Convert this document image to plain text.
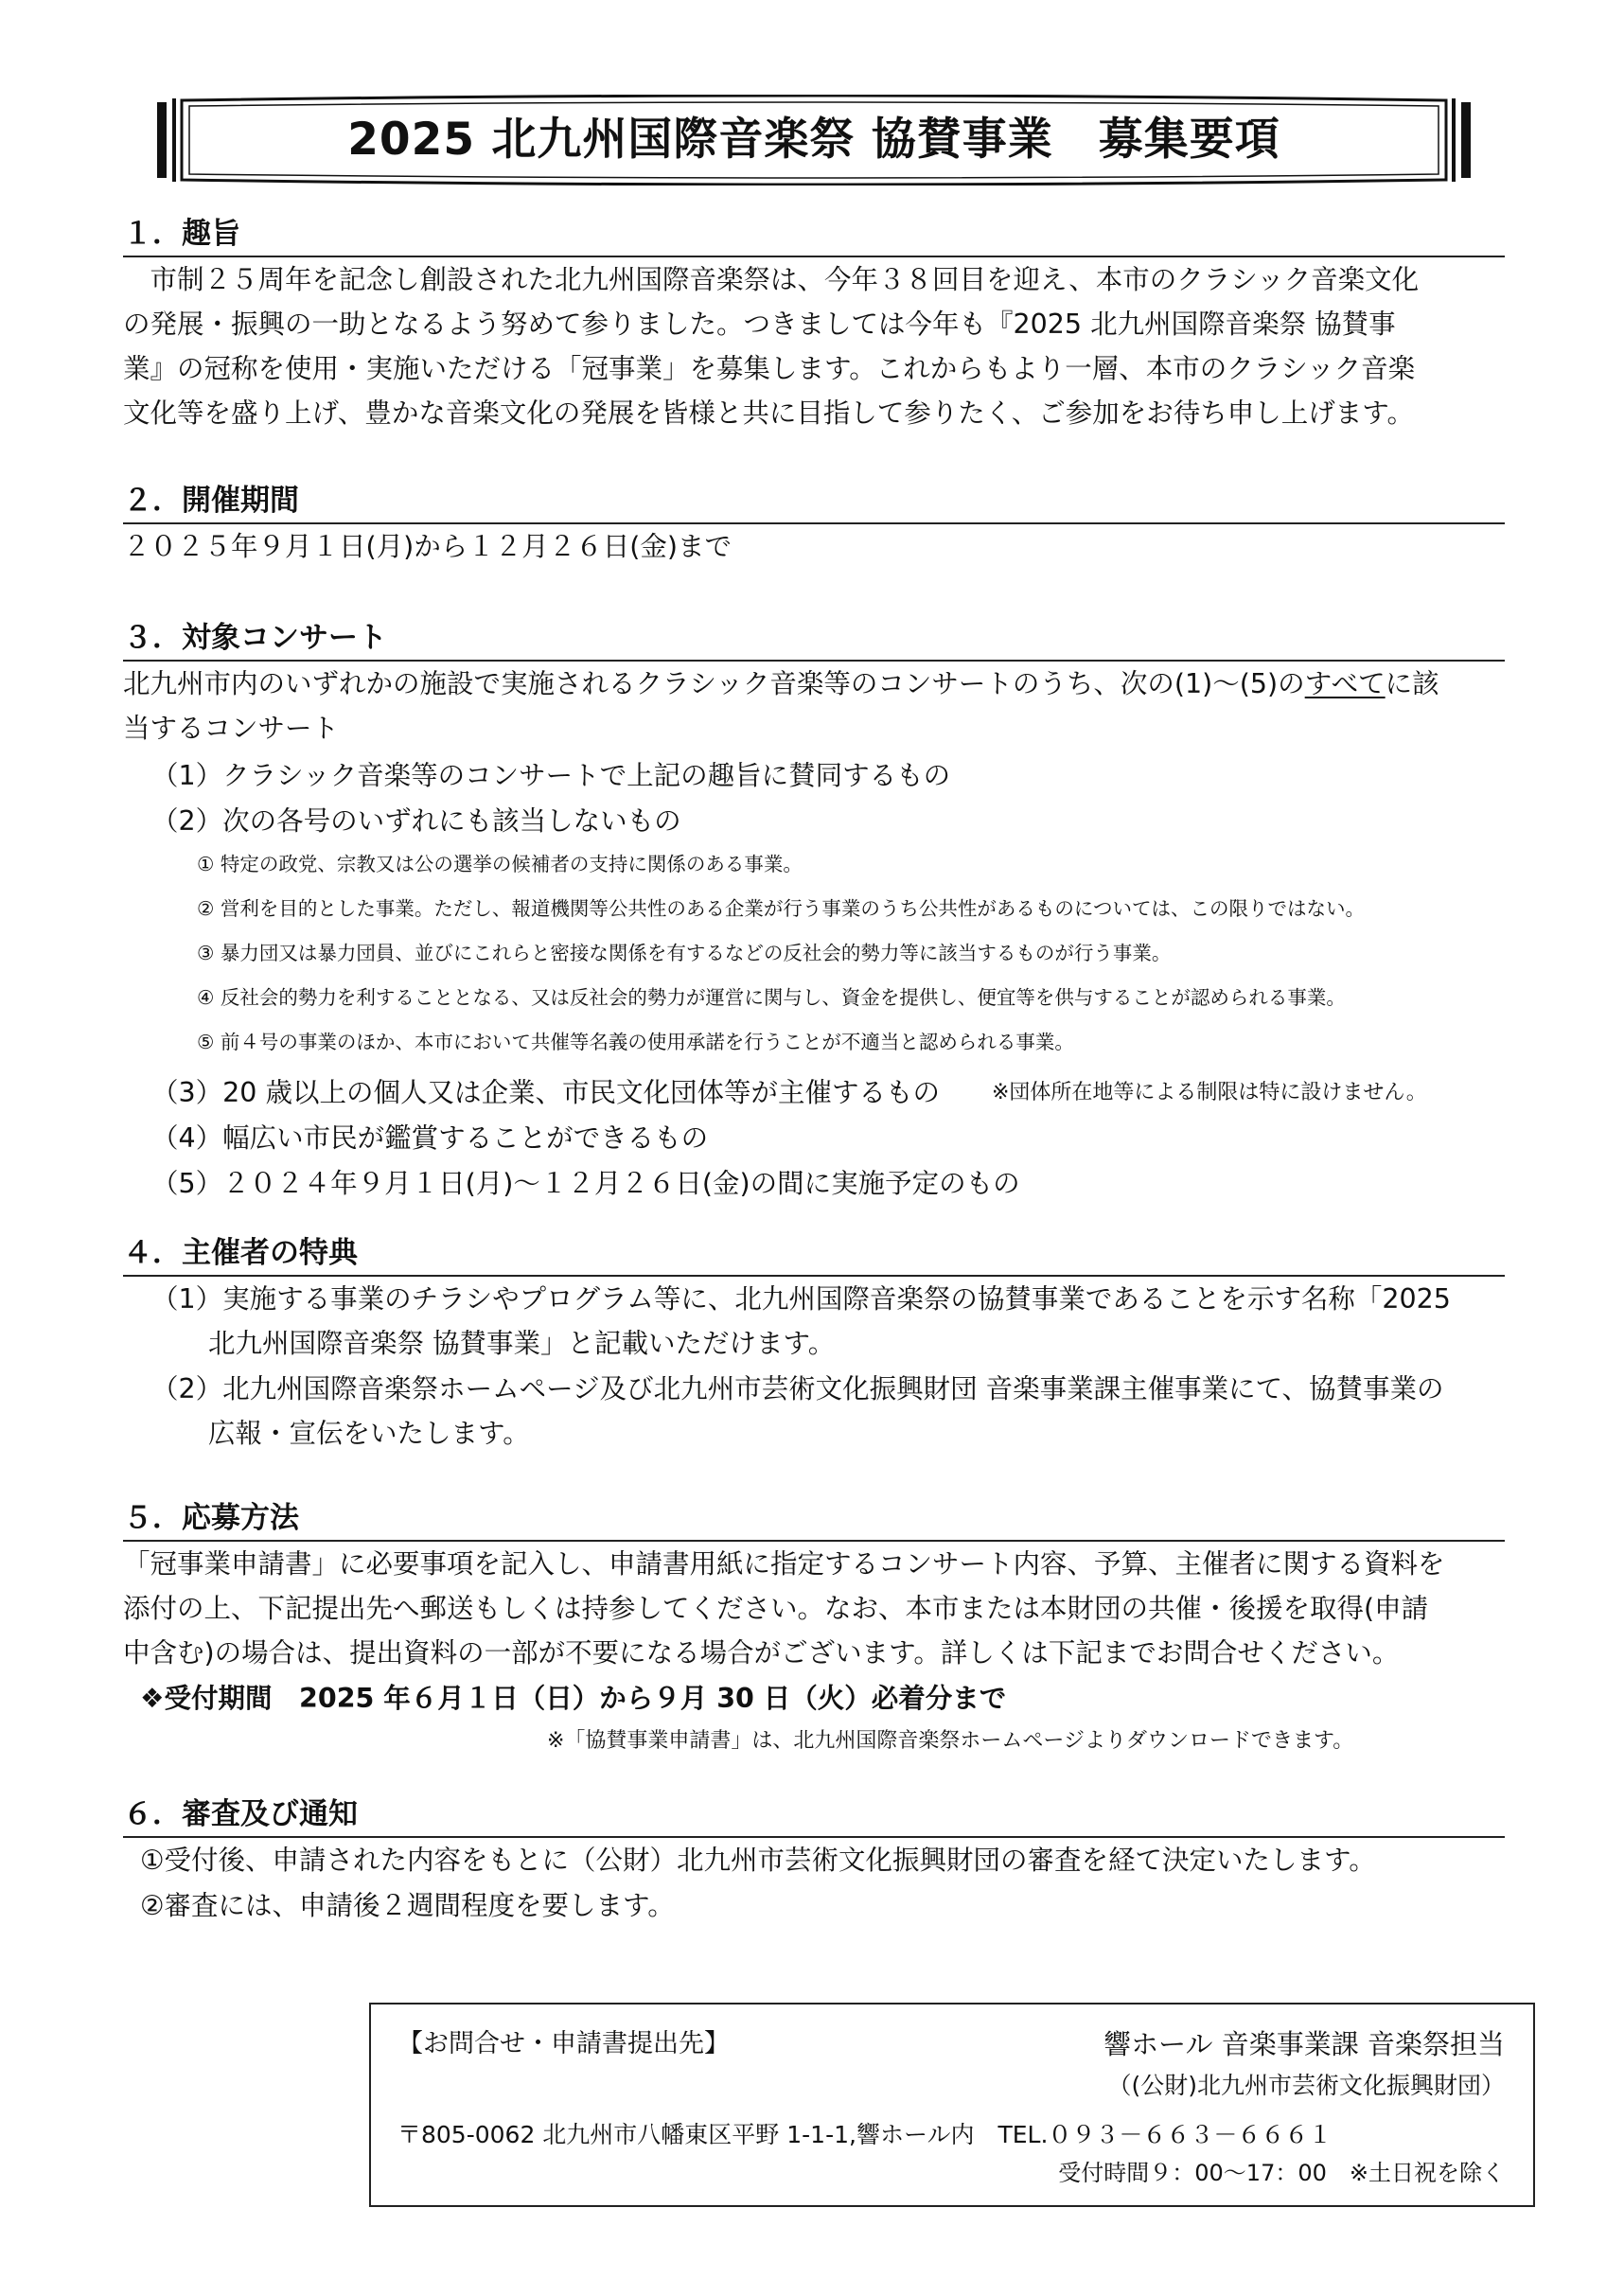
2025 北九州国際音楽祭 協賛事業　募集要項
１．趣旨
　市制２５周年を記念し創設された北九州国際音楽祭は、今年３８回目を迎え、本市のクラシック音楽文化
の発展・振興の一助となるよう努めて参りました。つきましては今年も『2025 北九州国際音楽祭 協賛事
業』の冠称を使用・実施いただける「冠事業」を募集します。これからもより一層、本市のクラシック音楽
文化等を盛り上げ、豊かな音楽文化の発展を皆様と共に目指して参りたく、ご参加をお待ち申し上げます。
２．開催期間
２０２５年９月１日(月)から１２月２６日(金)まで
３．対象コンサート
北九州市内のいずれかの施設で実施されるクラシック音楽等のコンサートのうち、次の(1)～(5)のすべてに該
当するコンサート
（1）クラシック音楽等のコンサートで上記の趣旨に賛同するもの
（2）次の各号のいずれにも該当しないもの
① 特定の政党、宗教又は公の選挙の候補者の支持に関係のある事業。
② 営利を目的とした事業。ただし、報道機関等公共性のある企業が行う事業のうち公共性があるものについては、この限りではない。
③ 暴力団又は暴力団員、並びにこれらと密接な関係を有するなどの反社会的勢力等に該当するものが行う事業。
④ 反社会的勢力を利することとなる、又は反社会的勢力が運営に関与し、資金を提供し、便宜等を供与することが認められる事業。
⑤ 前４号の事業のほか、本市において共催等名義の使用承諾を行うことが不適当と認められる事業。
（3）20 歳以上の個人又は企業、市民文化団体等が主催するもの	※団体所在地等による制限は特に設けません。
（4）幅広い市民が鑑賞することができるもの
（5）２０２４年９月１日(月)～１２月２６日(金)の間に実施予定のもの
４．主催者の特典
（1）実施する事業のチラシやプログラム等に、北九州国際音楽祭の協賛事業であることを示す名称「2025
北九州国際音楽祭 協賛事業」と記載いただけます。
（2）北九州国際音楽祭ホームページ及び北九州市芸術文化振興財団 音楽事業課主催事業にて、協賛事業の
広報・宣伝をいたします。
５．応募方法
「冠事業申請書」に必要事項を記入し、申請書用紙に指定するコンサート内容、予算、主催者に関する資料を
添付の上、下記提出先へ郵送もしくは持参してください。なお、本市または本財団の共催・後援を取得(申請
中含む)の場合は、提出資料の一部が不要になる場合がございます。詳しくは下記までお問合せください。
❖受付期間　2025 年６月１日（日）から９月 30 日（火）必着分まで
※「協賛事業申請書」は、北九州国際音楽祭ホームページよりダウンロードできます。
６．審査及び通知
①受付後、申請された内容をもとに（公財）北九州市芸術文化振興財団の審査を経て決定いたします。
②審査には、申請後２週間程度を要します。
【お問合せ・申請書提出先】	響ホール 音楽事業課 音楽祭担当
（(公財)北九州市芸術文化振興財団）
〒805-0062 北九州市八幡東区平野 1-1-1,響ホール内　TEL.０９３－６６３－６６６１
受付時間９：00～17：00　※土日祝を除く
